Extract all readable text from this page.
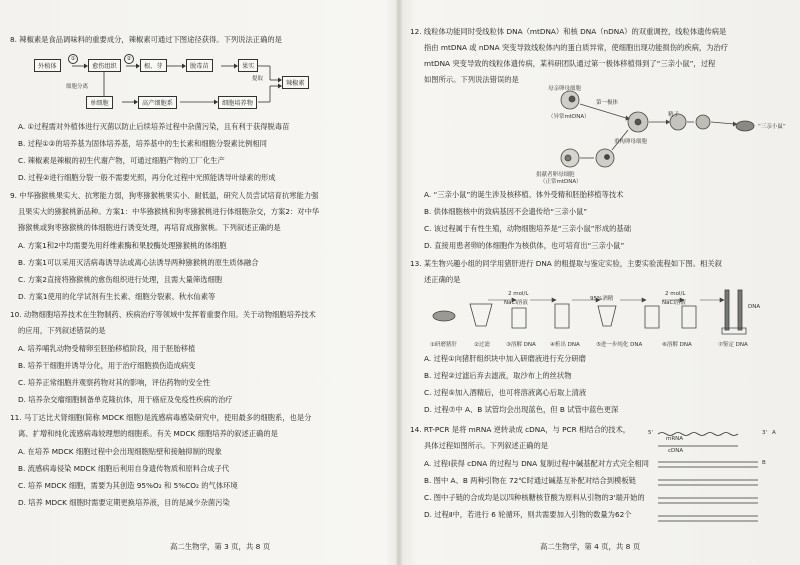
8. 辣椒素是食品调味料的重要成分，辣椒素可通过下图途径获得。下列说法正确的是
外植体	愈伤组织	根、芽	脱毒苗	果实
辣椒素
单细胞	高产细胞系	细胞培养物
①	②
细胞分离
提取
A. ①过程需对外植体进行灭菌以防止后续培养过程中杂菌污染，且有利于获得脱毒苗
B. 过程①②的培养基为固体培养基，培养基中的生长素和细胞分裂素比例相同
C. 辣椒素是辣椒的初生代谢产物，可通过细胞产物的工厂化生产
D. 过程②进行细胞分裂一般不需要光照，再分化过程中光照能诱导叶绿素的形成
9. 中华猕猴桃果实大、抗寒能力弱，狗枣猕猴桃果实小、耐低温，研究人员尝试培育抗寒能力强
且果实大的猕猴桃新品种。方案1：中华猕猴桃和狗枣猕猴桃进行体细胞杂交，方案2：对中华
猕猴桃或狗枣猕猴桃的体细胞进行诱变处理，再培育成猕猴桃。下列叙述正确的是
A. 方案1和2中均需要先用纤维素酶和果胶酶处理猕猴桃的体细胞
B. 方案1可以采用灭活病毒诱导法或离心法诱导两种猕猴桃的原生质体融合
C. 方案2直接将猕猴桃的愈伤组织进行处理，且需大量筛选细胞
D. 方案1使用的化学试剂有生长素、细胞分裂素、秋水仙素等
10. 动物细胞培养技术在生物制药、疾病治疗等领域中发挥着重要作用。关于动物细胞培养技术
的应用，下列叙述错误的是
A. 培养哺乳动物受精卵至胚胎移植阶段，用于胚胎移植
B. 培养干细胞并诱导分化，用于治疗细胞损伤造成病变
C. 培养正常细胞并观察药物对其的影响，评估药物的安全性
D. 培养杂交瘤细胞制备单克隆抗体，用于癌症及免疫性疾病的治疗
11. 马丁达比犬肾细胞(简称 MDCK 细胞)是流感病毒感染研究中，使用最多的细胞系，也是分
离、扩增和纯化流感病毒较理想的细胞系。有关 MDCK 细胞培养的叙述正确的是
A. 在培养 MDCK 细胞过程中会出现细胞贴壁和接触抑制的现象
B. 流感病毒侵染 MDCK 细胞后利用自身遗传物质和原料合成子代
C. 培养 MDCK 细胞，需要为其创造 95%O₂ 和 5%CO₂ 的气体环境
D. 培养 MDCK 细胞时需要定期更换培养液，目的是减少杂菌污染
高二生物学，第 3 页，共 8 页
12. 线粒体功能同时受线粒体 DNA（mtDNA）和核 DNA（nDNA）的双重调控，线粒体遗传病是
指由 mtDNA 或 nDNA 突变导致线粒体内的蛋白质异常，使细胞出现功能损伤的疾病，为治疗
mtDNA 突变导致的线粒体遗传病，某科研团队通过第一极体移植得到了“三亲小鼠”，过程
如图所示。下列说法错误的是
母亲卵母细胞
（异常mtDNA）
捐献者卵母细胞
（正常mtDNA）
第一极体
重构卵母细胞
精子
“三亲小鼠”
A. “三亲小鼠”的诞生涉及核移植、体外受精和胚胎移植等技术
B. 供体细胞核中的致病基因不会遗传给“三亲小鼠”
C. 该过程属于有性生殖，动物细胞培养是“三亲小鼠”形成的基础
D. 直接用患者卵的体细胞作为核供体，也可培育出“三亲小鼠”
13. 某生物兴趣小组的同学用猪肝进行 DNA 的粗提取与鉴定实验，主要实验流程如下图。相关叙
述正确的是
2 mol/L
NaCl溶液
95%酒精
2 mol/L
NaCl溶液
DNA
①研磨猪肝	②过滤	③溶解 DNA	④析出 DNA	⑤进一步纯化 DNA	⑥溶解 DNA	⑦鉴定 DNA
A. 过程①向猪肝组织块中加入研磨液进行充分研磨
B. 过程②过滤后弃去滤液，取沙布上的丝状物
C. 过程⑤加入酒精后，也可将溶液离心后取上清液
D. 过程⑦中 A、B 试管均会出现蓝色，但 B 试管中蓝色更深
14. RT-PCR 是将 mRNA 逆转录成 cDNA，与 PCR 相结合的技术，
具体过程如图所示。下列叙述正确的是
mRNA
cDNA
5'	3' A
B
A. 过程Ⅰ获得 cDNA 的过程与 DNA 复制过程中碱基配对方式完全相同
B. 图中 A、B 两种引物在 72℃时通过碱基互补配对结合到模板链
C. 图中子链的合成均是以四种核糖核苷酸为原料从引物的3'端开始的
D. 过程Ⅱ中，若进行 6 轮循环，则共需要加入引物的数量为62个
高二生物学，第 4 页，共 8 页
